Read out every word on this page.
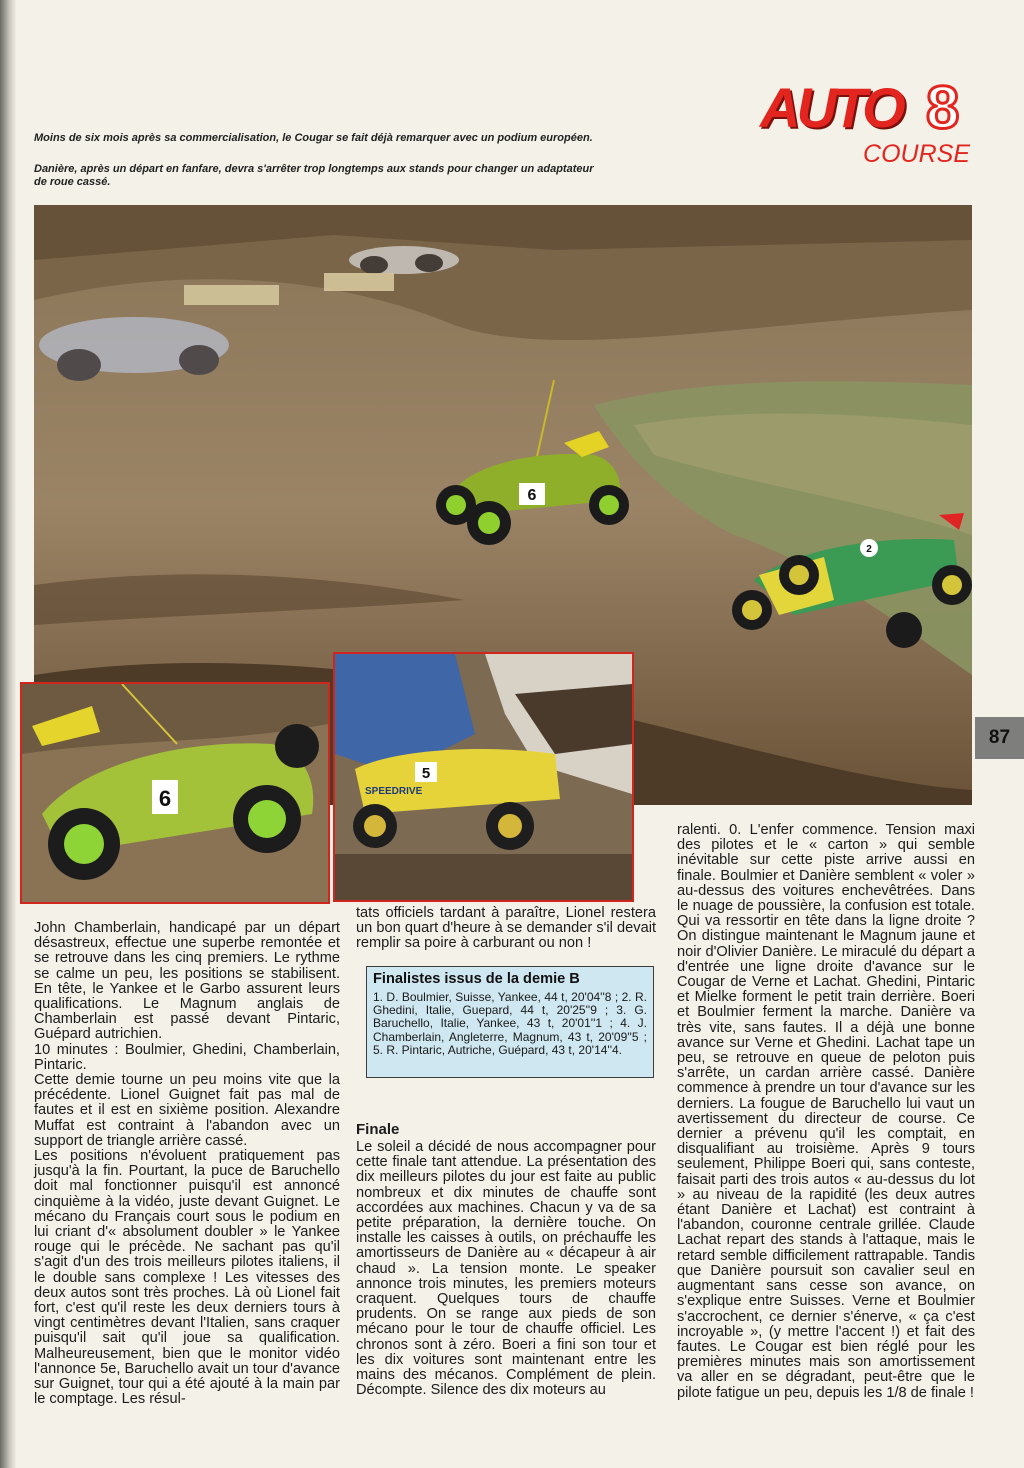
Moins de six mois après sa commercialisation, le Cougar se fait déjà remarquer avec un podium européen.
Danière, après un départ en fanfare, devra s'arrêter trop longtemps aux stands pour changer un adaptateur de roue cassé.
AUTO 8
COURSE
6
2
6
5
SPEEDRIVE
87

John Chamberlain, handicapé par un départ désastreux, effectue une superbe remontée et se retrouve dans les cinq premiers. Le rythme se calme un peu, les positions se stabilisent. En tête, le Yankee et le Garbo assurent leurs qualifications. Le Magnum anglais de Chamberlain est passé devant Pintaric, Guépard autrichien.
10 minutes : Boulmier, Ghedini, Chamberlain, Pintaric.
Cette demie tourne un peu moins vite que la précédente. Lionel Guignet fait pas mal de fautes et il est en sixième position. Alexandre Muffat est contraint à l'abandon avec un support de triangle arrière cassé.
Les positions n'évoluent pratiquement pas jusqu'à la fin. Pourtant, la puce de Baruchello doit mal fonctionner puisqu'il est annoncé cinquième à la vidéo, juste devant Guignet. Le mécano du Français court sous le podium en lui criant d'« absolument doubler » le Yankee rouge qui le précède. Ne sachant pas qu'il s'agit d'un des trois meilleurs pilotes italiens, il le double sans complexe ! Les vitesses des deux autos sont très proches. Là où Lionel fait fort, c'est qu'il reste les deux derniers tours à vingt centimètres devant l'Italien, sans craquer puisqu'il sait qu'il joue sa qualification. Malheureusement, bien que le monitor vidéo l'annonce 5e, Baruchello avait un tour d'avance sur Guignet, tour qui a été ajouté à la main par le comptage. Les résul-

tats officiels tardant à paraître, Lionel restera un bon quart d'heure à se demander s'il devait remplir sa poire à carburant ou non !

Finalistes issus de la demie B
1. D. Boulmier, Suisse, Yankee, 44 t, 20'04''8 ; 2. R. Ghedini, Italie, Guepard, 44 t, 20'25''9 ; 3. G. Baruchello, Italie, Yankee, 43 t, 20'01''1 ; 4. J. Chamberlain, Angleterre, Magnum, 43 t, 20'09''5 ; 5. R. Pintaric, Autriche, Guépard, 43 t, 20'14''4.
Finale

Le soleil a décidé de nous accompagner pour cette finale tant attendue. La présentation des dix meilleurs pilotes du jour est faite au public nombreux et dix minutes de chauffe sont accordées aux machines. Chacun y va de sa petite préparation, la dernière touche. On installe les caisses à outils, on préchauffe les amortisseurs de Danière au « décapeur à air chaud ». La tension monte. Le speaker annonce trois minutes, les premiers moteurs craquent. Quelques tours de chauffe prudents. On se range aux pieds de son mécano pour le tour de chauffe officiel. Les chronos sont à zéro. Boeri a fini son tour et les dix voitures sont maintenant entre les mains des mécanos. Complément de plein. Décompte. Silence des dix moteurs au

ralenti. 0. L'enfer commence. Tension maxi des pilotes et le « carton » qui semble inévitable sur cette piste arrive aussi en finale. Boulmier et Danière semblent « voler » au-dessus des voitures enchevêtrées. Dans le nuage de poussière, la confusion est totale. Qui va ressortir en tête dans la ligne droite ? On distingue maintenant le Magnum jaune et noir d'Olivier Danière. Le miraculé du départ a d'entrée une ligne droite d'avance sur le Cougar de Verne et Lachat. Ghedini, Pintaric et Mielke forment le petit train derrière. Boeri et Boulmier ferment la marche. Danière va très vite, sans fautes. Il a déjà une bonne avance sur Verne et Ghedini. Lachat tape un peu, se retrouve en queue de peloton puis s'arrête, un cardan arrière cassé. Danière commence à prendre un tour d'avance sur les derniers. La fougue de Baruchello lui vaut un avertissement du directeur de course. Ce dernier a prévenu qu'il les comptait, en disqualifiant au troisième. Après 9 tours seulement, Philippe Boeri qui, sans conteste, faisait parti des trois autos « au-dessus du lot » au niveau de la rapidité (les deux autres étant Danière et Lachat) est contraint à l'abandon, couronne centrale grillée. Claude Lachat repart des stands à l'attaque, mais le retard semble difficilement rattrapable. Tandis que Danière poursuit son cavalier seul en augmentant sans cesse son avance, on s'explique entre Suisses. Verne et Boulmier s'accrochent, ce dernier s'énerve, « ça c'est incroyable », (y mettre l'accent !) et fait des fautes. Le Cougar est bien réglé pour les premières minutes mais son amortissement va aller en se dégradant, peut-être que le pilote fatigue un peu, depuis les 1/8 de finale !
